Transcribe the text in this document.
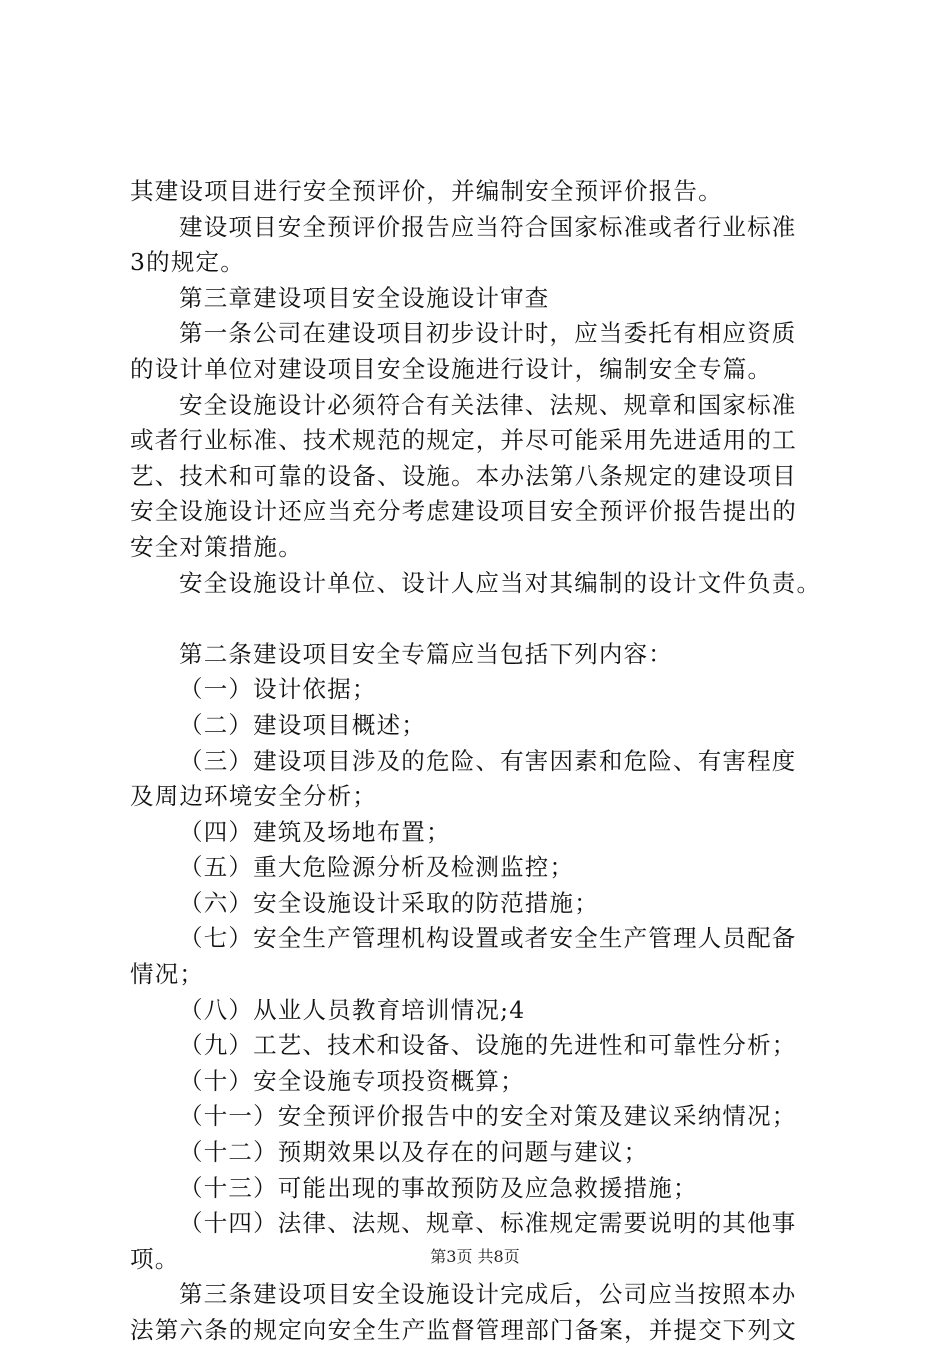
其建设项目进行安全预评价，并编制安全预评价报告。
建设项目安全预评价报告应当符合国家标准或者行业标准
3的规定。
第三章建设项目安全设施设计审查
第一条公司在建设项目初步设计时，应当委托有相应资质
的设计单位对建设项目安全设施进行设计，编制安全专篇。
安全设施设计必须符合有关法律、法规、规章和国家标准
或者行业标准、技术规范的规定，并尽可能采用先进适用的工
艺、技术和可靠的设备、设施。本办法第八条规定的建设项目
安全设施设计还应当充分考虑建设项目安全预评价报告提出的
安全对策措施。
安全设施设计单位、设计人应当对其编制的设计文件负责。
第二条建设项目安全专篇应当包括下列内容：
（一）设计依据；
（二）建设项目概述；
（三）建设项目涉及的危险、有害因素和危险、有害程度
及周边环境安全分析；
（四）建筑及场地布置；
（五）重大危险源分析及检测监控；
（六）安全设施设计采取的防范措施；
（七）安全生产管理机构设置或者安全生产管理人员配备
情况；
（八）从业人员教育培训情况;4
（九）工艺、技术和设备、设施的先进性和可靠性分析；
（十）安全设施专项投资概算；
（十一）安全预评价报告中的安全对策及建议采纳情况；
（十二）预期效果以及存在的问题与建议；
（十三）可能出现的事故预防及应急救援措施；
（十四）法律、法规、规章、标准规定需要说明的其他事
项。
第三条建设项目安全设施设计完成后，公司应当按照本办
法第六条的规定向安全生产监督管理部门备案，并提交下列文
第3页 共8页
